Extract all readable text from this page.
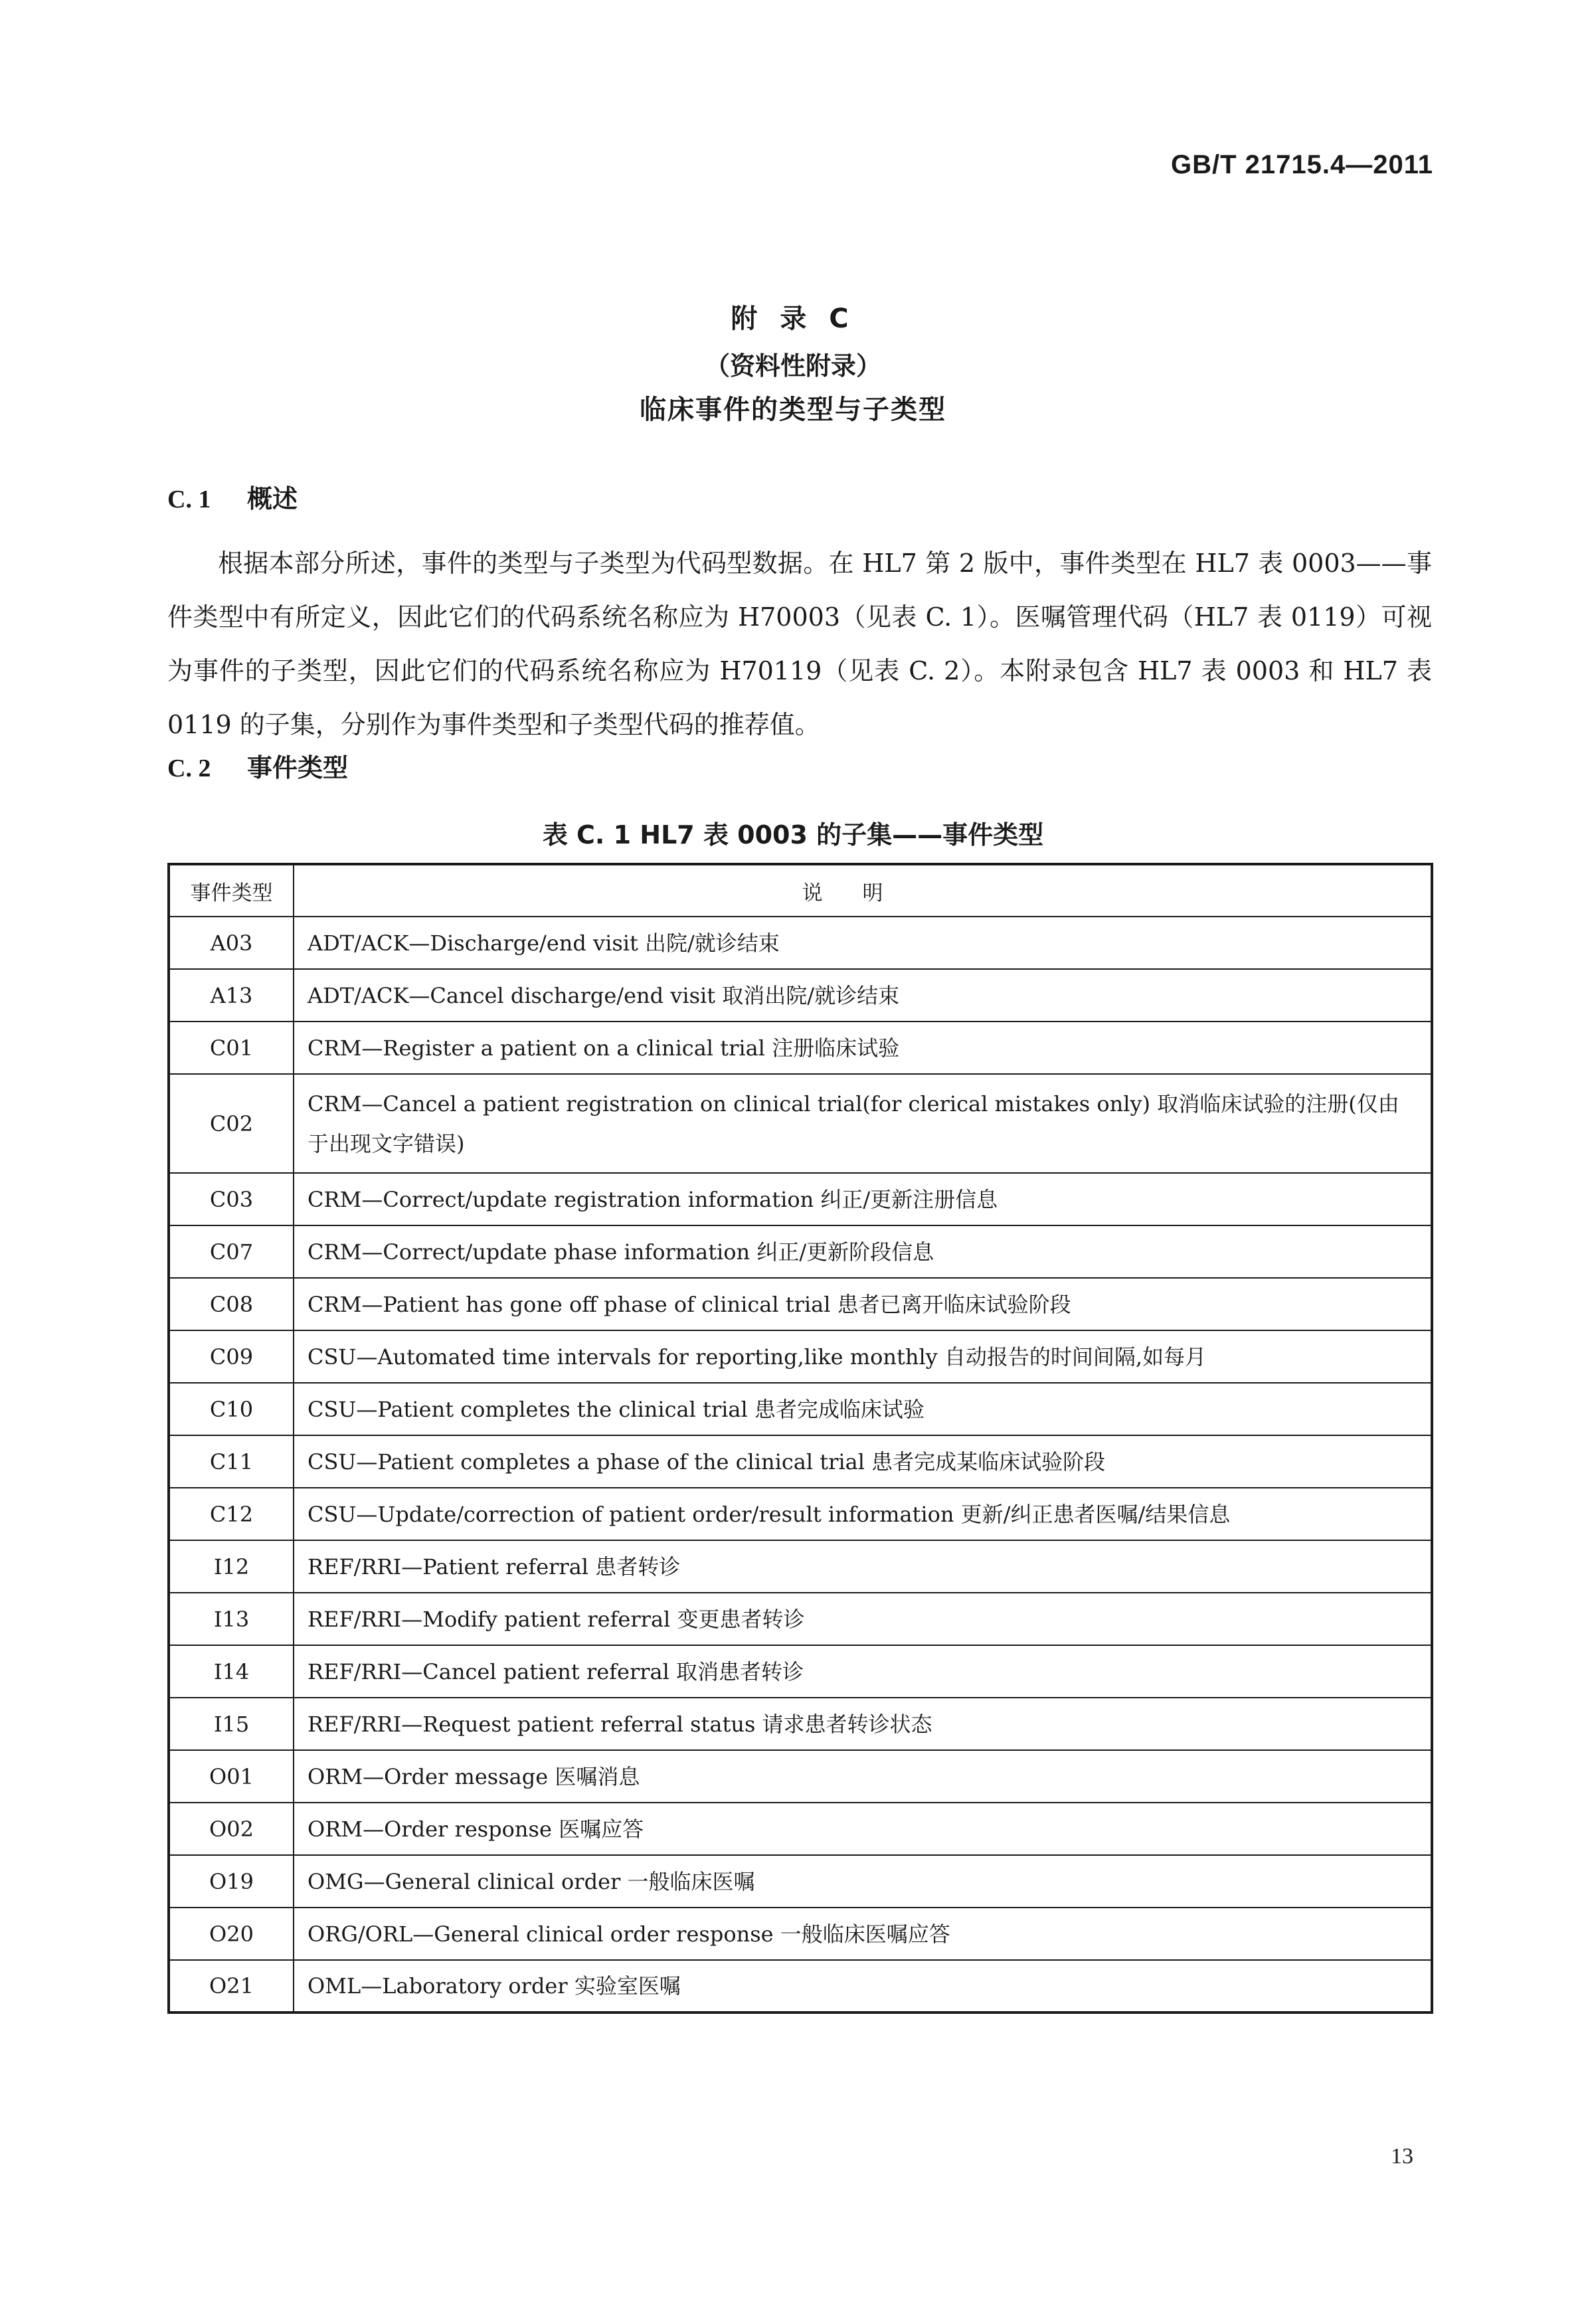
GB/T 21715.4—2011
附 录 C
（资料性附录）
临床事件的类型与子类型
C. 1 概述

根据本部分所述，事件的类型与子类型为代码型数据。在 HL7 第 2 版中，事件类型在 HL7 表 0003——事件类型中有所定义，因此它们的代码系统名称应为 H70003（见表 C. 1）。医嘱管理代码（HL7 表 0119）可视为事件的子类型，因此它们的代码系统名称应为 H70119（见表 C. 2）。本附录包含 HL7 表 0003 和 HL7 表 0119 的子集，分别作为事件类型和子类型代码的推荐值。

C. 2 事件类型
表 C. 1 HL7 表 0003 的子集——事件类型
事件类型	说明
A03	ADT/ACK—Discharge/end visit 出院/就诊结束
A13	ADT/ACK—Cancel discharge/end visit 取消出院/就诊结束
C01	CRM—Register a patient on a clinical trial 注册临床试验
C02	CRM—Cancel a patient registration on clinical trial(for clerical mistakes only) 取消临床试验的注册(仅由于出现文字错误)
C03	CRM—Correct/update registration information 纠正/更新注册信息
C07	CRM—Correct/update phase information 纠正/更新阶段信息
C08	CRM—Patient has gone off phase of clinical trial 患者已离开临床试验阶段
C09	CSU—Automated time intervals for reporting,like monthly 自动报告的时间间隔,如每月
C10	CSU—Patient completes the clinical trial 患者完成临床试验
C11	CSU—Patient completes a phase of the clinical trial 患者完成某临床试验阶段
C12	CSU—Update/correction of patient order/result information 更新/纠正患者医嘱/结果信息
I12	REF/RRI—Patient referral 患者转诊
I13	REF/RRI—Modify patient referral 变更患者转诊
I14	REF/RRI—Cancel patient referral 取消患者转诊
I15	REF/RRI—Request patient referral status 请求患者转诊状态
O01	ORM—Order message 医嘱消息
O02	ORM—Order response 医嘱应答
O19	OMG—General clinical order 一般临床医嘱
O20	ORG/ORL—General clinical order response 一般临床医嘱应答
O21	OML—Laboratory order 实验室医嘱
13
